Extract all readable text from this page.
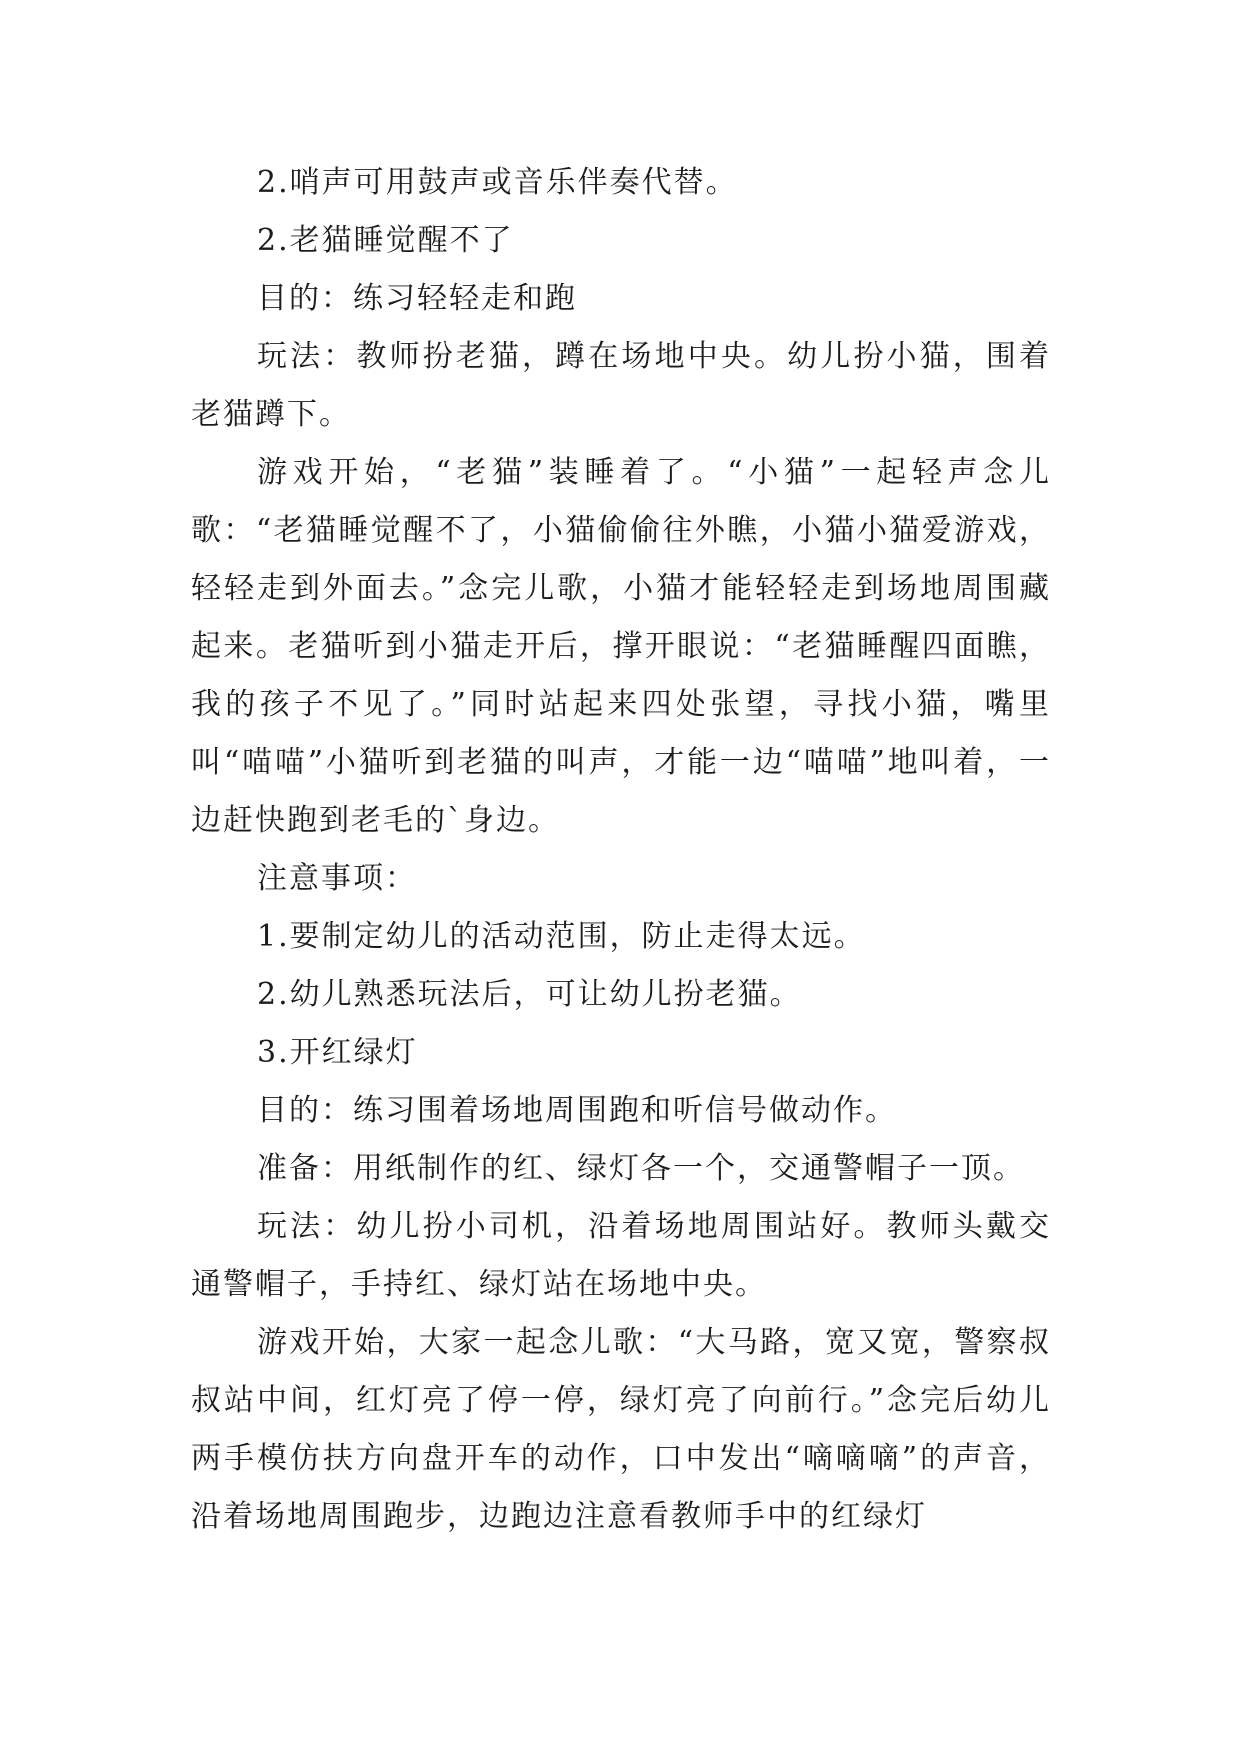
2.哨声可用鼓声或音乐伴奏代替。

2.老猫睡觉醒不了

目的：练习轻轻走和跑

玩法：教师扮老猫，蹲在场地中央。幼儿扮小猫，围着老猫蹲下。

游戏开始，“老猫”装睡着了。“小猫”一起轻声念儿歌：“老猫睡觉醒不了，小猫偷偷往外瞧，小猫小猫爱游戏，轻轻走到外面去。”念完儿歌，小猫才能轻轻走到场地周围藏起来。老猫听到小猫走开后，撑开眼说：“老猫睡醒四面瞧，我的孩子不见了。”同时站起来四处张望，寻找小猫，嘴里叫“喵喵”小猫听到老猫的叫声，才能一边“喵喵”地叫着，一边赶快跑到老毛的`身边。

注意事项：

1.要制定幼儿的活动范围，防止走得太远。

2.幼儿熟悉玩法后，可让幼儿扮老猫。

3.开红绿灯

目的：练习围着场地周围跑和听信号做动作。

准备：用纸制作的红、绿灯各一个，交通警帽子一顶。

玩法：幼儿扮小司机，沿着场地周围站好。教师头戴交通警帽子，手持红、绿灯站在场地中央。

游戏开始，大家一起念儿歌：“大马路，宽又宽，警察叔叔站中间，红灯亮了停一停，绿灯亮了向前行。”念完后幼儿两手模仿扶方向盘开车的动作，口中发出“嘀嘀嘀”的声音，沿着场地周围跑步，边跑边注意看教师手中的红绿灯
